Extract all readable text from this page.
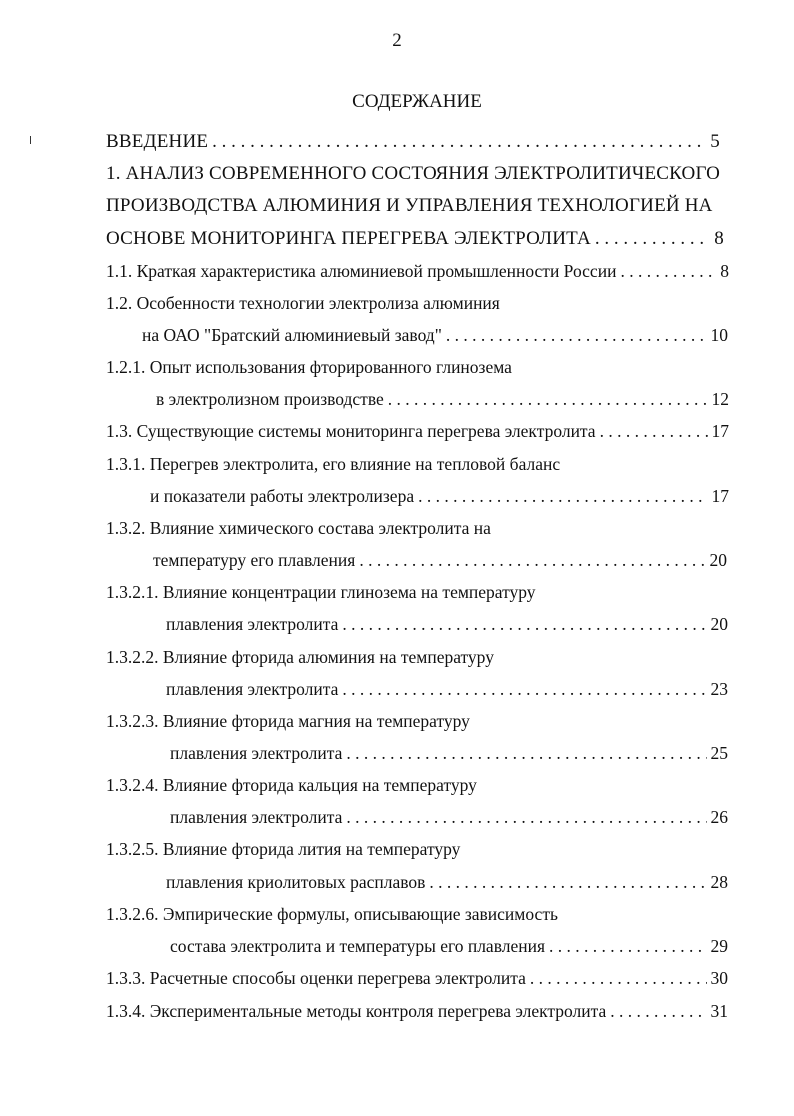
2
СОДЕРЖАНИЕ
ВВЕДЕНИЕ . . .	5
1. АНАЛИЗ СОВРЕМЕННОГО СОСТОЯНИЯ ЭЛЕКТРОЛИТИЧЕСКОГО
ПРОИЗВОДСТВА АЛЮМИНИЯ И УПРАВЛЕНИЯ ТЕХНОЛОГИЕЙ НА
ОСНОВЕ МОНИТОРИНГА ПЕРЕГРЕВА ЭЛЕКТРОЛИТА . . .	8
1.1. Краткая характеристика алюминиевой промышленности России . . .	8
1.2. Особенности технологии электролиза алюминия
на ОАО "Братский алюминиевый завод" . . .	10
1.2.1. Опыт использования фторированного глинозема
в электролизном производстве . . .	12
1.3. Существующие системы мониторинга перегрева электролита . . .	17
1.3.1. Перегрев электролита, его влияние на тепловой баланс
и показатели работы электролизера . . .	17
1.3.2. Влияние химического состава электролита на
температуру его плавления . . .	20
1.3.2.1. Влияние концентрации глинозема на температуру
плавления электролита . . .	20
1.3.2.2. Влияние фторида алюминия на температуру
плавления электролита . . .	23
1.3.2.3. Влияние фторида магния на температуру
плавления электролита . . .	25
1.3.2.4. Влияние фторида кальция на температуру
плавления электролита . . .	26
1.3.2.5. Влияние фторида лития на температуру
плавления криолитовых расплавов . . .	28
1.3.2.6. Эмпирические формулы, описывающие зависимость
состава электролита и температуры его плавления . . .	29
1.3.3. Расчетные способы оценки перегрева электролита . . .	30
1.3.4. Экспериментальные методы контроля перегрева электролита . . .	31
